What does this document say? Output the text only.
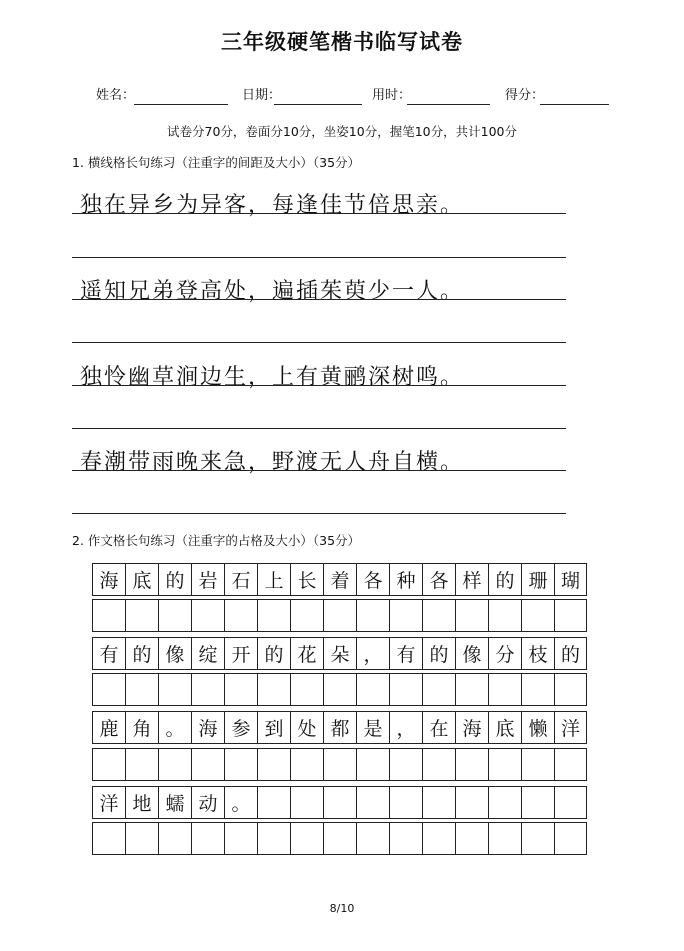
三年级硬笔楷书临写试卷
姓名：	日期：	用时：	得分：
试卷分70分，卷面分10分，坐姿10分，握笔10分，共计100分
1. 横线格长句练习（注重字的间距及大小）（35分）
独在异乡为异客，每逢佳节倍思亲。
遥知兄弟登高处，遍插茱萸少一人。
独怜幽草涧边生，上有黄鹂深树鸣。
春潮带雨晚来急，野渡无人舟自横。
2. 作文格长句练习（注重字的占格及大小）（35分）
海 底 的 岩 石 上 长 着 各 种 各 样 的 珊 瑚
有 的 像 绽 开 的 花 朵 ， 有 的 像 分 枝 的
鹿 角 。 海 参 到 处 都 是 ， 在 海 底 懒 洋
洋 地 蠕 动 。
8/10
